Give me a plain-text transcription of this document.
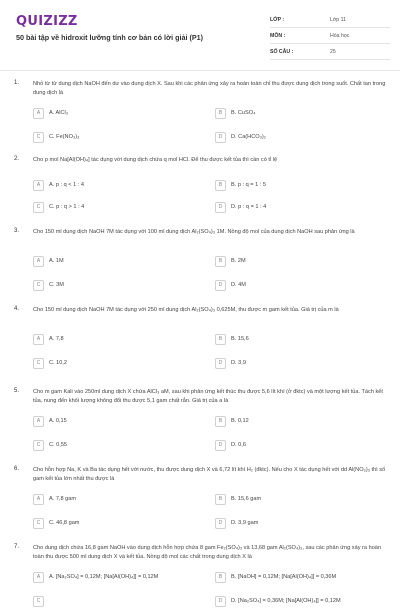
QUIZIZZ
50 bài tập về hidroxit lưỡng tính cơ bản có lời giải (P1)
LỚP :	Lớp 11
MÔN :	Hóa học
SỐ CÂU :	25
1. Nhỏ từ từ dung dịch NaOH đến dư vào dung dịch X. Sau khi các phản ứng xảy ra hoàn toàn chỉ thu được dung dịch trong suốt. Chất tan trong dung dịch là
A	A. AlCl₃	B	B. CuSO₄
C	C. Fe(NO₃)₃	D	D. Ca(HCO₃)₂
2. Cho p mol Na[Al(OH)₄] tác dụng với dung dịch chứa q mol HCl. Để thu được kết tủa thì cần có tỉ lệ
A	A. p : q < 1 : 4	B	B. p : q = 1 : 5
C	C. p : q > 1 : 4	D	D. p : q = 1 : 4
3. Cho 150 ml dung dịch NaOH 7M tác dụng với 100 ml dung dịch Al₂(SO₄)₃ 1M. Nồng độ mol của dung dịch NaOH sau phản ứng là
A	A. 1M	B	B. 2M
C	C. 3M	D	D. 4M
4. Cho 150 ml dung dịch NaOH 7M tác dụng với 250 ml dung dịch Al₂(SO₄)₃ 0,625M, thu được m gam kết tủa. Giá trị của m là
A	A. 7,8	B	B. 15,6
C	C. 10,2	D	D. 3,9
5. Cho m gam Kali vào 250ml dung dịch X chứa AlCl₃ aM, sau khi phản ứng kết thúc thu được 5,6 lít khí (ở đktc) và một lượng kết tủa. Tách kết tủa, nung đến khối lượng không đổi thu được 5,1 gam chất rắn. Giá trị của a là
A	A. 0,15	B	B. 0,12
C	C. 0,55	D	D. 0,6
6. Cho hỗn hợp Na, K và Ba tác dụng hết với nước, thu được dung dịch X và 6,72 lít khí H₂ (đktc). Nếu cho X tác dụng hết với dd Al(NO₃)₃ thì số gam kết tủa lớn nhất thu được là
A	A. 7,8 gam	B	B. 15,6 gam
C	C. 46,8 gam	D	D. 3,9 gam
7. Cho dung dịch chứa 16,8 gam NaOH vào dung dịch hỗn hợp chứa 8 gam Fe₂(SO₄)₃ và 13,68 gam Al₂(SO₄)₃, sau các phản ứng xảy ra hoàn toàn thu được 500 ml dung dịch X và kết tủa. Nồng độ mol các chất trong dung dịch X là
A	A. [Na₂SO₄] = 0,12M; [Na[Al(OH)₄]] = 0,12M	B	B. [NaOH] = 0,12M; [Na[Al(OH)₄]] = 0,36M
C	D	D. [Na₂SO₄] = 0,36M; [Na[Al(OH)₄]] = 0,12M
